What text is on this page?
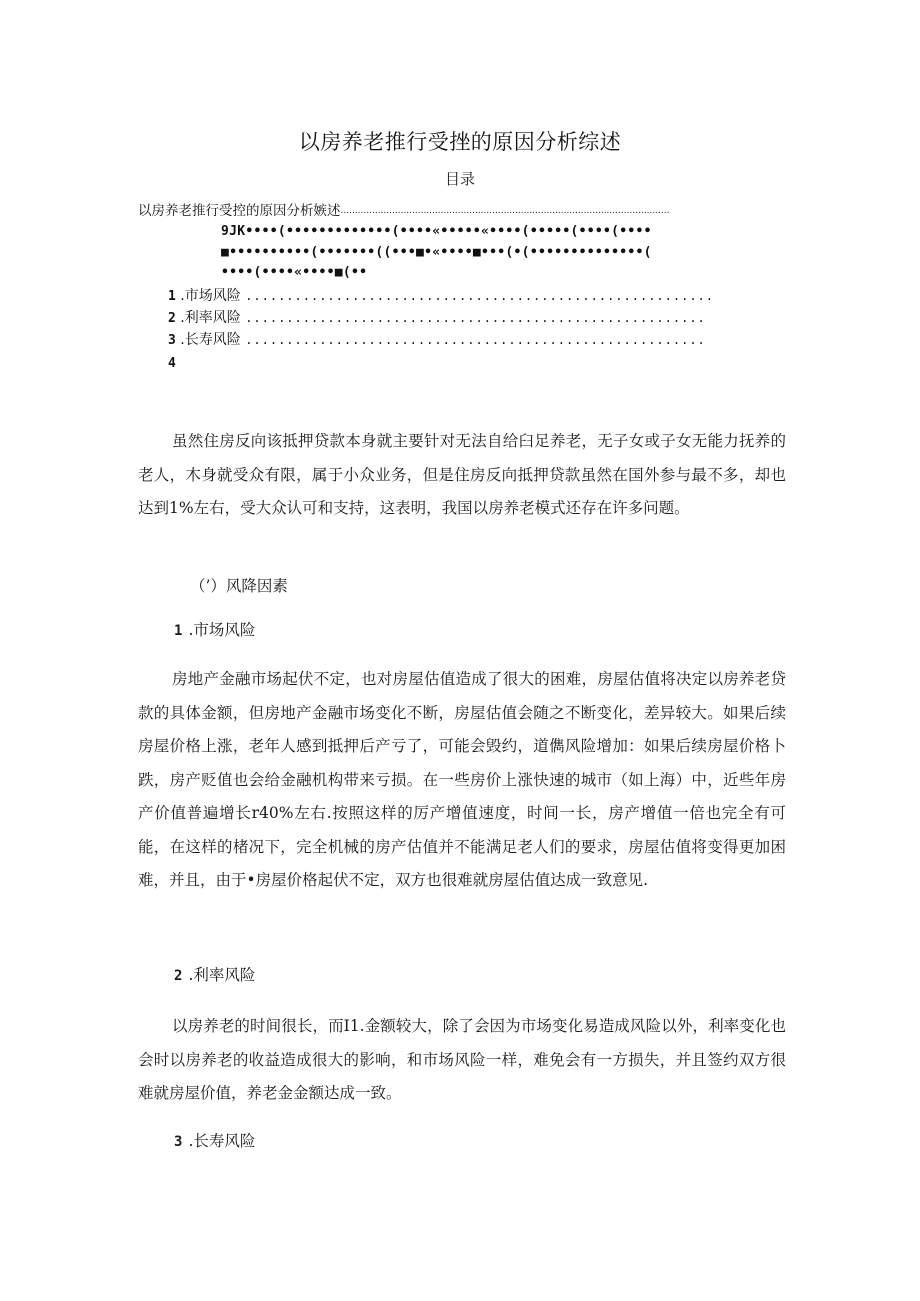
以房养老推行受挫的原因分析综述
目录
以房养老推行受控的原因分析嫉述...................................................................................................................
9JK••••(•••••••••••••(••••«•••••«••••(•••••(••••(••••
■••••••••••(•••••••((•••■•«••••■•••(•(••••••••••••••(
••••(••••«••••■(••
1 .市场风险 .........................................................
2 .利率风险 ........................................................
3 .长寿风险 ........................................................
4

虽然住房反向该抵押贷款本身就主要针对无法自给臼足养老，无子女或子女无能力抚养的老人，木身就受众有限，属于小众业务，但是住房反向抵押贷款虽然在国外参与最不多，却也达到1%左右，受大众认可和支持，这表明，我国以房养老模式还存在许多问题。

（’）风降因素
1 .市场风险

房地产金融市场起伏不定，也对房屋估值造成了很大的困难，房屋估值将决定以房养老贷款的具体金额，但房地产金融市场变化不断，房屋估值会随之不断变化，差异较大。如果后续房屋价格上涨，老年人感到抵押后产亏了，可能会毁约，道儁风险增加：如果后续房屋价格卜跌，房产贬值也会给金融机构带来亏损。在一些房价上涨快速的城市（如上海）中，近些年房产价值普遍增长r40%左右.按照这样的厉产增值速度，时间一长，房产增值一倍也完全有可能，在这样的楮况下，完全机械的房产估值并不能满足老人们的要求，房屋估值将变得更加困难，并且，由于•房屋价格起伏不定，双方也很难就房屋估值达成一致意见.

2 .利率风险

以房养老的时间很长，而I1.金额较大，除了会因为市场变化易造成风险以外，利率变化也会时以房养老的收益造成很大的影响，和市场风险一样，难免会有一方损失，并且签约双方很难就房屋价值，养老金金额达成一致。

3 .长寿风险
